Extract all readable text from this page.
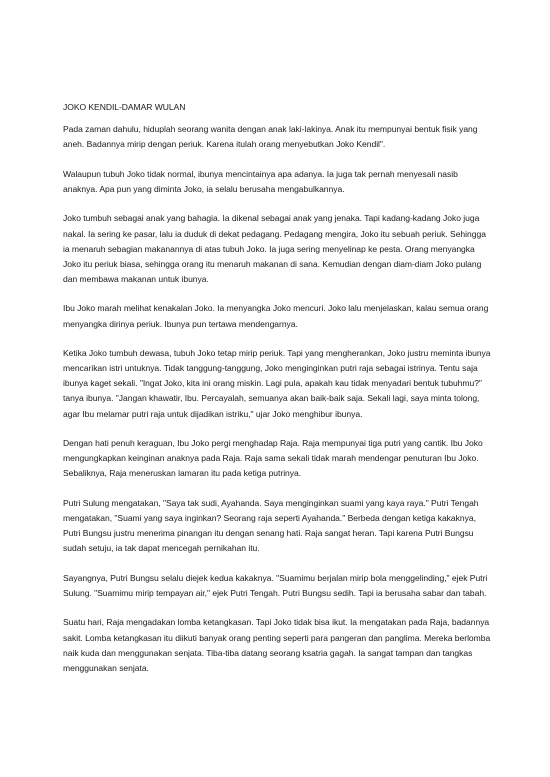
JOKO KENDIL-DAMAR WULAN

Pada zaman dahulu, hiduplah seorang wanita dengan anak laki-lakinya. Anak itu mempunyai bentuk fisik yang aneh. Badannya mirip dengan periuk. Karena itulah orang menyebutkan Joko Kendil".

Walaupun tubuh Joko tidak normal, ibunya mencintainya apa adanya. Ia juga tak pernah menyesali nasib anaknya. Apa pun yang diminta Joko, ia selalu berusaha mengabulkannya.

Joko tumbuh sebagai anak yang bahagia. Ia dikenal sebagai anak yang jenaka. Tapi kadang-kadang Joko juga nakal. Ia sering ke pasar, lalu ia duduk di dekat pedagang. Pedagang mengira, Joko itu sebuah periuk. Sehingga ia menaruh sebagian makanannya di atas tubuh Joko. Ia juga sering menyelinap ke pesta. Orang menyangka Joko itu periuk biasa, sehingga orang itu menaruh makanan di sana. Kemudian dengan diam-diam Joko pulang dan membawa makanan untuk ibunya.

Ibu Joko marah melihat kenakalan Joko. Ia menyangka Joko mencuri. Joko lalu menjelaskan, kalau semua orang menyangka dirinya periuk. Ibunya pun tertawa mendengarnya.

Ketika Joko tumbuh dewasa, tubuh Joko tetap mirip periuk. Tapi yang mengherankan, Joko justru meminta ibunya mencarikan istri untuknya. Tidak tanggung-tanggung, Joko menginginkan putri raja sebagai istrinya. Tentu saja ibunya kaget sekali. "Ingat Joko, kita ini orang miskin. Lagi pula, apakah kau tidak menyadari bentuk tubuhmu?" tanya ibunya. "Jangan khawatir, Ibu. Percayalah, semuanya akan baik-baik saja. Sekali lagi, saya minta tolong, agar Ibu melamar putri raja untuk dijadikan istriku," ujar Joko menghibur ibunya.

Dengan hati penuh keraguan, Ibu Joko pergi menghadap Raja. Raja mempunyai tiga putri yang cantik. Ibu Joko mengungkapkan keinginan anaknya pada Raja. Raja sama sekali tidak marah mendengar penuturan Ibu Joko. Sebaliknya, Raja meneruskan lamaran itu pada ketiga putrinya.

Putri Sulung mengatakan, "Saya tak sudi, Ayahanda. Saya menginginkan suami yang kaya raya." Putri Tengah mengatakan, "Suami yang saya inginkan? Seorang raja seperti Ayahanda." Berbeda dengan ketiga kakaknya, Putri Bungsu justru menerima pinangan itu dengan senang hati. Raja sangat heran. Tapi karena Putri Bungsu sudah setuju, ia tak dapat mencegah pernikahan itu.

Sayangnya, Putri Bungsu selalu diejek kedua kakaknya. "Suamimu berjalan mirip bola menggelinding," ejek Putri Sulung. "Suamimu mirip tempayan air," ejek Putri Tengah. Putri Bungsu sedih. Tapi ia berusaha sabar dan tabah.

Suatu hari, Raja mengadakan lomba ketangkasan. Tapi Joko tidak bisa ikut. Ia mengatakan pada Raja, badannya sakit. Lomba ketangkasan itu diikuti banyak orang penting seperti para pangeran dan panglima. Mereka berlomba naik kuda dan menggunakan senjata. Tiba-tiba datang seorang ksatria gagah. Ia sangat tampan dan tangkas menggunakan senjata.
